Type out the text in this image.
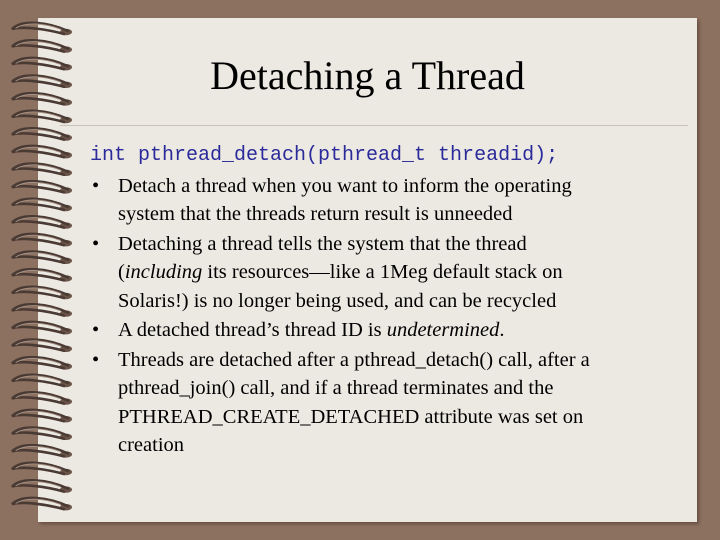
Detaching a Thread
int pthread_detach(pthread_t threadid);
• Detach a thread when you want to inform the operating
system that the threads return result is unneeded
• Detaching a thread tells the system that the thread
(including its resources—like a 1Meg default stack on
Solaris!) is no longer being used, and can be recycled
• A detached thread’s thread ID is undetermined.
• Threads are detached after a pthread_detach() call, after a
pthread_join() call, and if a thread terminates and the
PTHREAD_CREATE_DETACHED attribute was set on
creation
